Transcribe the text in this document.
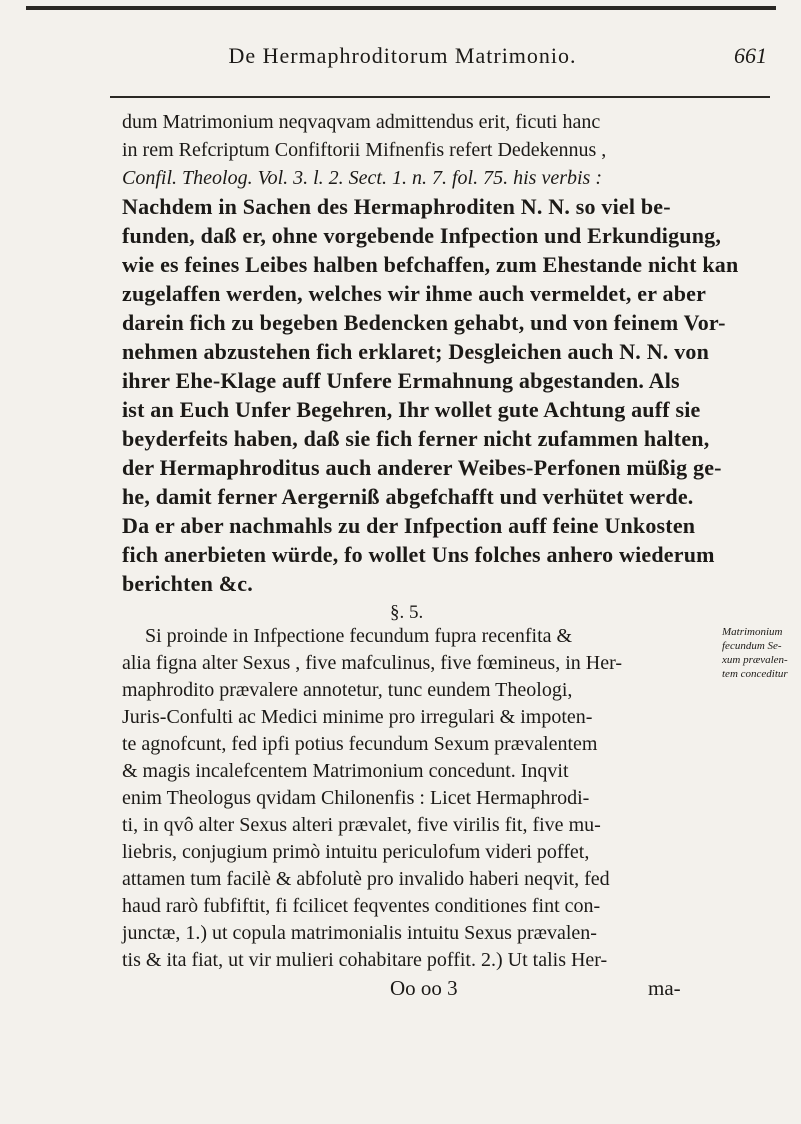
De Hermaphroditorum Matrimonio.	661
dum Matrimonium neqvaqvam admittendus erit, ficuti hanc
in rem Refcriptum Confiftorii Mifnenfis refert Dedekennus ,
Confil. Theolog. Vol. 3. l. 2. Sect. 1. n. 7. fol. 75. his verbis :
Nachdem in Sachen des Hermaphroditen N. N. so viel be-
funden, daß er, ohne vorgebende Infpection und Erkundigung,
wie es feines Leibes halben befchaffen, zum Ehestande nicht kan
zugelaffen werden, welches wir ihme auch vermeldet, er aber
darein fich zu begeben Bedencken gehabt, und von feinem Vor-
nehmen abzustehen fich erklaret; Desgleichen auch N. N. von
ihrer Ehe-Klage auff Unfere Ermahnung abgestanden. Als
ist an Euch Unfer Begehren, Ihr wollet gute Achtung auff sie
beyderfeits haben, daß sie fich ferner nicht zufammen halten,
der Hermaphroditus auch anderer Weibes-Perfonen müßig ge-
he, damit ferner Aergerniß abgefchafft und verhütet werde.
Da er aber nachmahls zu der Infpection auff feine Unkosten
fich anerbieten würde, fo wollet Uns folches anhero wiederum
berichten &c.
§. 5.
Si proinde in Infpectione fecundum fupra recenfita &
alia figna alter Sexus , five mafculinus, five fœmineus, in Her-
maphrodito prævalere annotetur, tunc eundem Theologi,
Juris-Confulti ac Medici minime pro irregulari & impoten-
te agnofcunt, fed ipfi potius fecundum Sexum prævalentem
& magis incalefcentem Matrimonium concedunt. Inqvit
enim Theologus qvidam Chilonenfis : Licet Hermaphrodi-
ti, in qvô alter Sexus alteri prævalet, five virilis fit, five mu-
liebris, conjugium primò intuitu periculofum videri poffet,
attamen tum facilè & abfolutè pro invalido haberi neqvit, fed
haud rarò fubfiftit, fi fcilicet feqventes conditiones fint con-
junctæ, 1.) ut copula matrimonialis intuitu Sexus prævalen-
tis & ita fiat, ut vir mulieri cohabitare poffit. 2.) Ut talis Her-
Matrimonium
fecundum Se-
xum prævalen-
tem conceditur
Oo oo 3	ma-
